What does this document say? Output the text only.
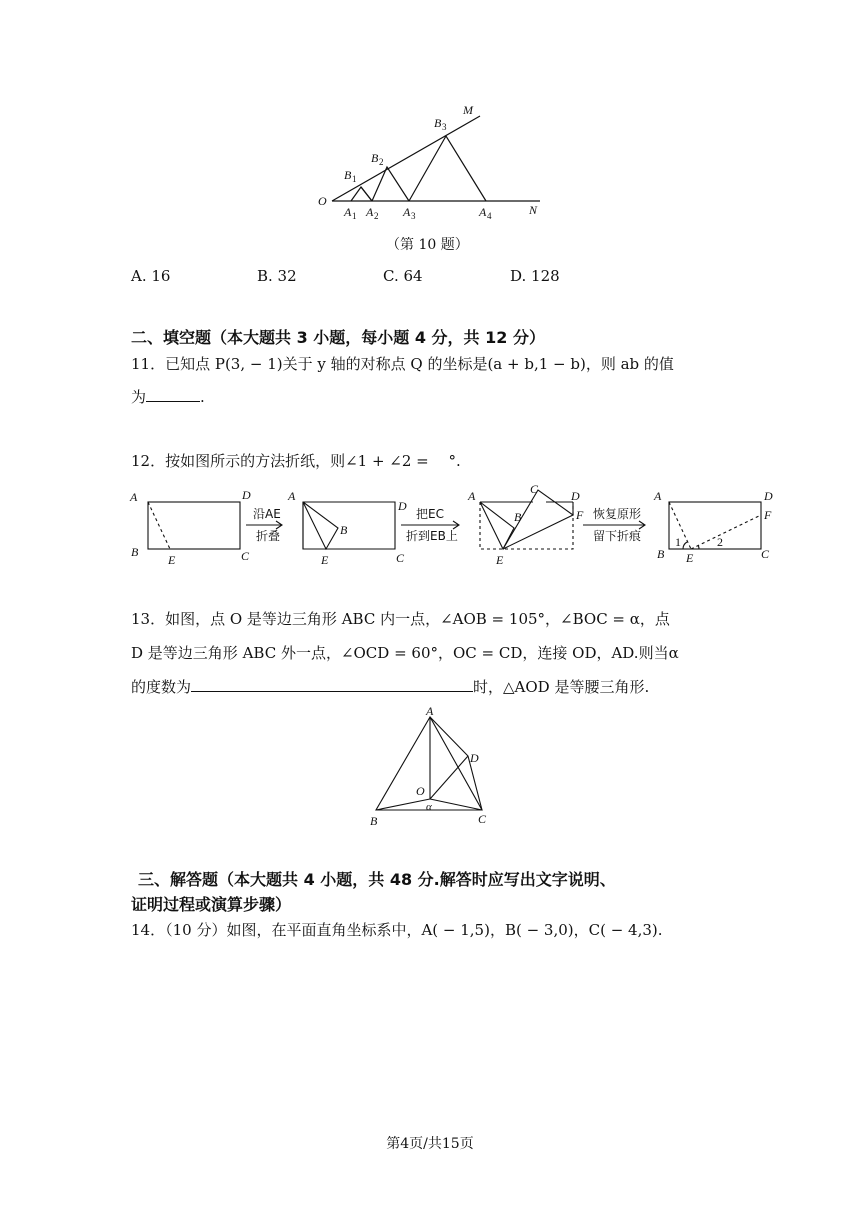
O
M
N
B 1
B 2
B 3
A 1 A 2 A 3	A 4
（第 10 题）
A. 16	B. 32	C. 64	D. 128
二、填空题（本大题共 3 小题，每小题 4 分，共 12 分）
11．已知点 P(3, − 1)关于 y 轴的对称点 Q 的坐标是(a + b,1 − b)，则 ab 的值
为	.
12．按如图所示的方法折纸，则∠1 + ∠2 =　 °.
A	D
B
E	C
沿AE
折叠
A
D
B
E	C
把EC
折到EB上
A	C	D
F
B
E
恢复原形
留下折痕
A	D
F
B E	C
1	2
13．如图，点 O 是等边三角形 ABC 内一点，∠AOB = 105°，∠BOC = α，点
D 是等边三角形 ABC 外一点，∠OCD = 60°，OC = CD，连接 OD，AD.则当α
的度数为	时，△AOD 是等腰三角形.
A
D
O
α
B	C
三、解答题（本大题共 4 小题，共 48 分.解答时应写出文字说明、
证明过程或演算步骤）
14．（10 分）如图，在平面直角坐标系中，A( − 1,5)，B( − 3,0)，C( − 4,3).
第4页/共15页
